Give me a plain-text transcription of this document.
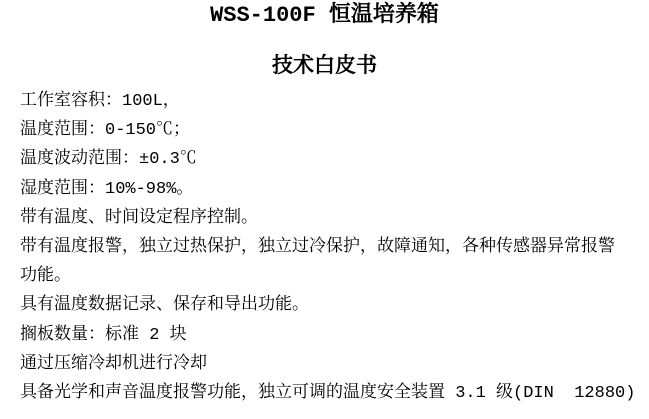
WSS-100F 恒温培养箱
技术白皮书
工作室容积：100L，
温度范围：0-150℃；
温度波动范围：±0.3℃
湿度范围：10%-98%。
带有温度、时间设定程序控制。
带有温度报警，独立过热保护，独立过冷保护，故障通知，各种传感器异常报警
功能。
具有温度数据记录、保存和导出功能。
搁板数量：标准 2 块
通过压缩冷却机进行冷却
具备光学和声音温度报警功能，独立可调的温度安全装置 3.1 级(DIN  12880)
